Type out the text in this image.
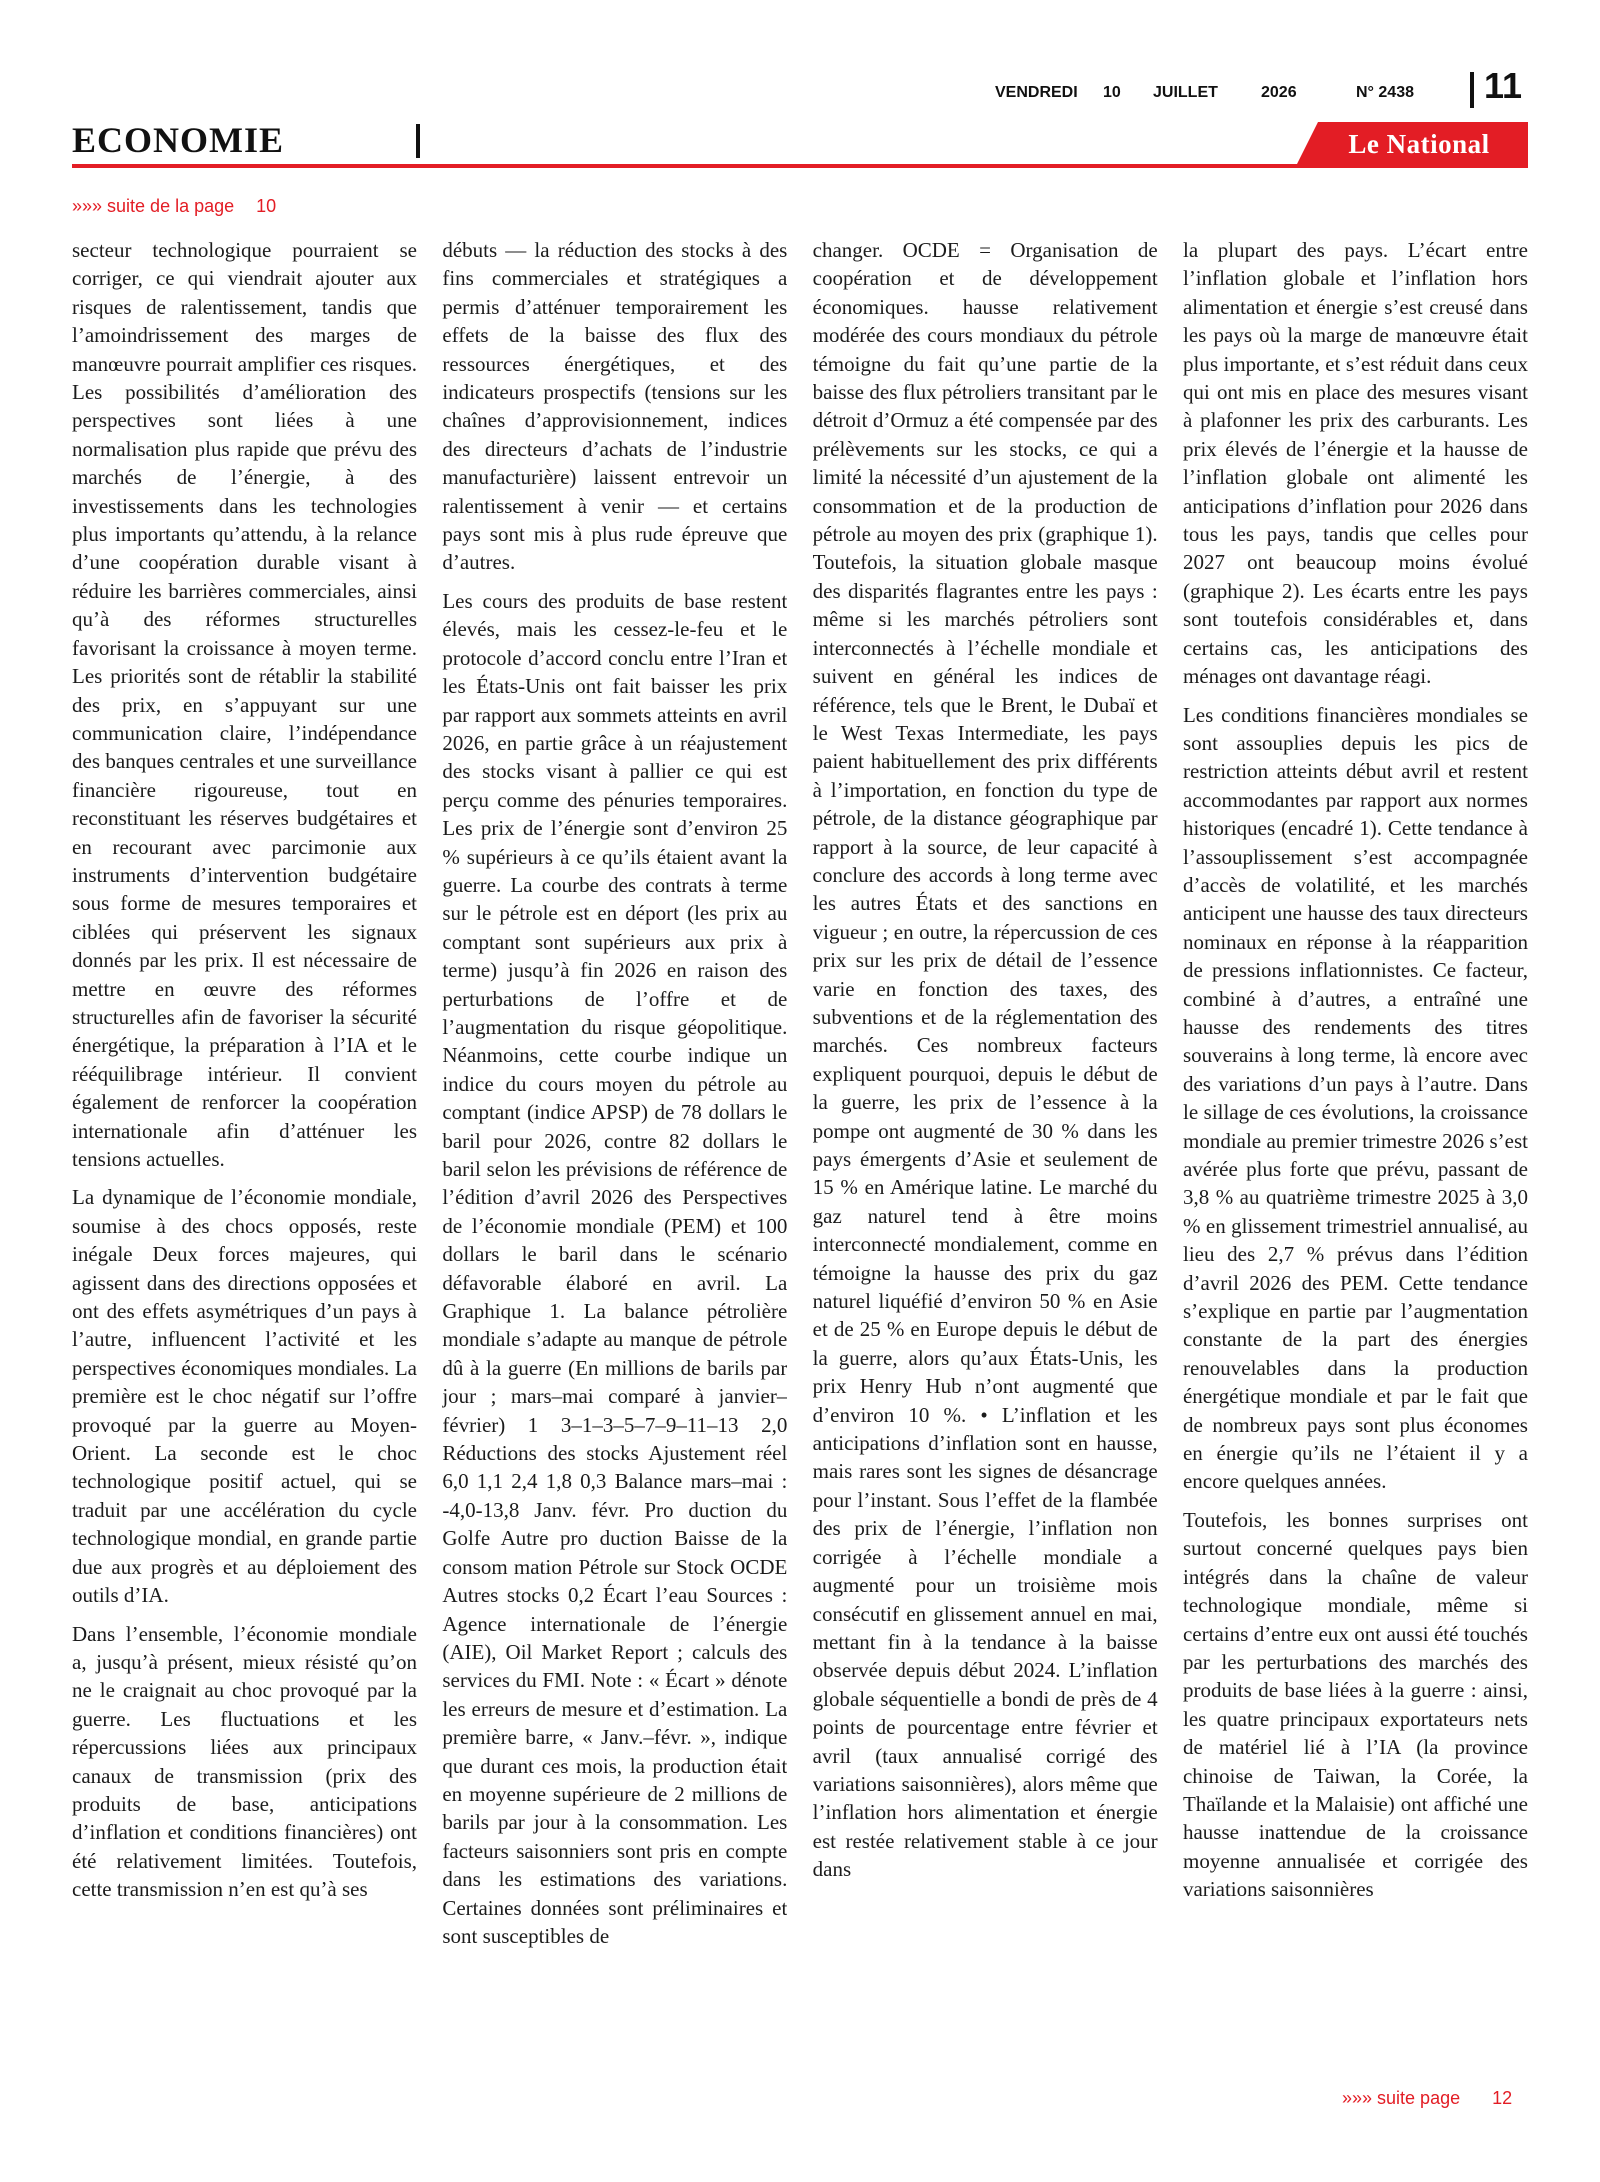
VENDREDI	10	JUILLET	2026	N° 2438	11
ECONOMIE	Le National
»»» suite de la page 10

secteur technologique pourraient se corriger, ce qui viendrait ajouter aux risques de ralentissement, tandis que l’amoindrissement des marges de manœuvre pourrait amplifier ces risques. Les possibilités d’amélioration des perspectives sont liées à une normalisation plus rapide que prévu des marchés de l’énergie, à des investissements dans les technologies plus importants qu’attendu, à la relance d’une coopération durable visant à réduire les barrières commerciales, ainsi qu’à des réformes structurelles favorisant la croissance à moyen terme. Les priorités sont de rétablir la stabilité des prix, en s’appuyant sur une communication claire, l’indépendance des banques centrales et une surveillance financière rigoureuse, tout en reconstituant les réserves budgétaires et en recourant avec parcimonie aux instruments d’intervention budgétaire sous forme de mesures temporaires et ciblées qui préservent les signaux donnés par les prix. Il est nécessaire de mettre en œuvre des réformes structurelles afin de favoriser la sécurité énergétique, la préparation à l’IA et le rééquilibrage intérieur. Il convient également de renforcer la coopération internationale afin d’atténuer les tensions actuelles.

La dynamique de l’économie mondiale, soumise à des chocs opposés, reste inégale Deux forces majeures, qui agissent dans des directions opposées et ont des effets asymétriques d’un pays à l’autre, influencent l’activité et les perspectives économiques mondiales. La première est le choc négatif sur l’offre provoqué par la guerre au Moyen-Orient. La seconde est le choc technologique positif actuel, qui se traduit par une accélération du cycle technologique mondial, en grande partie due aux progrès et au déploiement des outils d’IA.

Dans l’ensemble, l’économie mondiale a, jusqu’à présent, mieux résisté qu’on ne le craignait au choc provoqué par la guerre. Les fluctuations et les répercussions liées aux principaux canaux de transmission (prix des produits de base, anticipations d’inflation et conditions financières) ont été relativement limitées. Toutefois, cette transmission n’en est qu’à ses

débuts — la réduction des stocks à des fins commerciales et stratégiques a permis d’atténuer temporairement les effets de la baisse des flux des ressources énergétiques, et des indicateurs prospectifs (tensions sur les chaînes d’approvisionnement, indices des directeurs d’achats de l’industrie manufacturière) laissent entrevoir un ralentissement à venir — et certains pays sont mis à plus rude épreuve que d’autres.

Les cours des produits de base restent élevés, mais les cessez-le-feu et le protocole d’accord conclu entre l’Iran et les États-Unis ont fait baisser les prix par rapport aux sommets atteints en avril 2026, en partie grâce à un réajustement des stocks visant à pallier ce qui est perçu comme des pénuries temporaires. Les prix de l’énergie sont d’environ 25 % supérieurs à ce qu’ils étaient avant la guerre. La courbe des contrats à terme sur le pétrole est en déport (les prix au comptant sont supérieurs aux prix à terme) jusqu’à fin 2026 en raison des perturbations de l’offre et de l’augmentation du risque géopolitique. Néanmoins, cette courbe indique un indice du cours moyen du pétrole au comptant (indice APSP) de 78 dollars le baril pour 2026, contre 82 dollars le baril selon les prévisions de référence de l’édition d’avril 2026 des Perspectives de l’économie mondiale (PEM) et 100 dollars le baril dans le scénario défavorable élaboré en avril. La Graphique 1. La balance pétrolière mondiale s’adapte au manque de pétrole dû à la guerre (En millions de barils par jour ; mars–mai comparé à janvier–février) 1 3–1–3–5–7–9–11–13 2,0 Réductions des stocks Ajustement réel 6,0 1,1 2,4 1,8 0,3 Balance mars–mai : -4,0-13,8 Janv. févr. Pro duction du Golfe Autre pro duction Baisse de la consom mation Pétrole sur Stock OCDE Autres stocks 0,2 Écart l’eau Sources : Agence internationale de l’énergie (AIE), Oil Market Report ; calculs des services du FMI. Note : « Écart » dénote les erreurs de mesure et d’estimation. La première barre, « Janv.–févr. », indique que durant ces mois, la production était en moyenne supérieure de 2 millions de barils par jour à la consommation. Les facteurs saisonniers sont pris en compte dans les estimations des variations. Certaines données sont préliminaires et sont susceptibles de

changer. OCDE = Organisation de coopération et de développement économiques. hausse relativement modérée des cours mondiaux du pétrole témoigne du fait qu’une partie de la baisse des flux pétroliers transitant par le détroit d’Ormuz a été compensée par des prélèvements sur les stocks, ce qui a limité la nécessité d’un ajustement de la consommation et de la production de pétrole au moyen des prix (graphique 1). Toutefois, la situation globale masque des disparités flagrantes entre les pays : même si les marchés pétroliers sont interconnectés à l’échelle mondiale et suivent en général les indices de référence, tels que le Brent, le Dubaï et le West Texas Intermediate, les pays paient habituellement des prix différents à l’importation, en fonction du type de pétrole, de la distance géographique par rapport à la source, de leur capacité à conclure des accords à long terme avec les autres États et des sanctions en vigueur ; en outre, la répercussion de ces prix sur les prix de détail de l’essence varie en fonction des taxes, des subventions et de la réglementation des marchés. Ces nombreux facteurs expliquent pourquoi, depuis le début de la guerre, les prix de l’essence à la pompe ont augmenté de 30 % dans les pays émergents d’Asie et seulement de 15 % en Amérique latine. Le marché du gaz naturel tend à être moins interconnecté mondialement, comme en témoigne la hausse des prix du gaz naturel liquéfié d’environ 50 % en Asie et de 25 % en Europe depuis le début de la guerre, alors qu’aux États-Unis, les prix Henry Hub n’ont augmenté que d’environ 10 %. • L’inflation et les anticipations d’inflation sont en hausse, mais rares sont les signes de désancrage pour l’instant. Sous l’effet de la flambée des prix de l’énergie, l’inflation non corrigée à l’échelle mondiale a augmenté pour un troisième mois consécutif en glissement annuel en mai, mettant fin à la tendance à la baisse observée depuis début 2024. L’inflation globale séquentielle a bondi de près de 4 points de pourcentage entre février et avril (taux annualisé corrigé des variations saisonnières), alors même que l’inflation hors alimentation et énergie est restée relativement stable à ce jour dans

la plupart des pays. L’écart entre l’inflation globale et l’inflation hors alimentation et énergie s’est creusé dans les pays où la marge de manœuvre était plus importante, et s’est réduit dans ceux qui ont mis en place des mesures visant à plafonner les prix des carburants. Les prix élevés de l’énergie et la hausse de l’inflation globale ont alimenté les anticipations d’inflation pour 2026 dans tous les pays, tandis que celles pour 2027 ont beaucoup moins évolué (graphique 2). Les écarts entre les pays sont toutefois considérables et, dans certains cas, les anticipations des ménages ont davantage réagi.

Les conditions financières mondiales se sont assouplies depuis les pics de restriction atteints début avril et restent accommodantes par rapport aux normes historiques (encadré 1). Cette tendance à l’assouplissement s’est accompagnée d’accès de volatilité, et les marchés anticipent une hausse des taux directeurs nominaux en réponse à la réapparition de pressions inflationnistes. Ce facteur, combiné à d’autres, a entraîné une hausse des rendements des titres souverains à long terme, là encore avec des variations d’un pays à l’autre. Dans le sillage de ces évolutions, la croissance mondiale au premier trimestre 2026 s’est avérée plus forte que prévu, passant de 3,8 % au quatrième trimestre 2025 à 3,0 % en glissement trimestriel annualisé, au lieu des 2,7 % prévus dans l’édition d’avril 2026 des PEM. Cette tendance s’explique en partie par l’augmentation constante de la part des énergies renouvelables dans la production énergétique mondiale et par le fait que de nombreux pays sont plus économes en énergie qu’ils ne l’étaient il y a encore quelques années.

Toutefois, les bonnes surprises ont surtout concerné quelques pays bien intégrés dans la chaîne de valeur technologique mondiale, même si certains d’entre eux ont aussi été touchés par les perturbations des marchés des produits de base liées à la guerre : ainsi, les quatre principaux exportateurs nets de matériel lié à l’IA (la province chinoise de Taiwan, la Corée, la Thaïlande et la Malaisie) ont affiché une hausse inattendue de la croissance moyenne annualisée et corrigée des variations saisonnières

»»» suite page 12
